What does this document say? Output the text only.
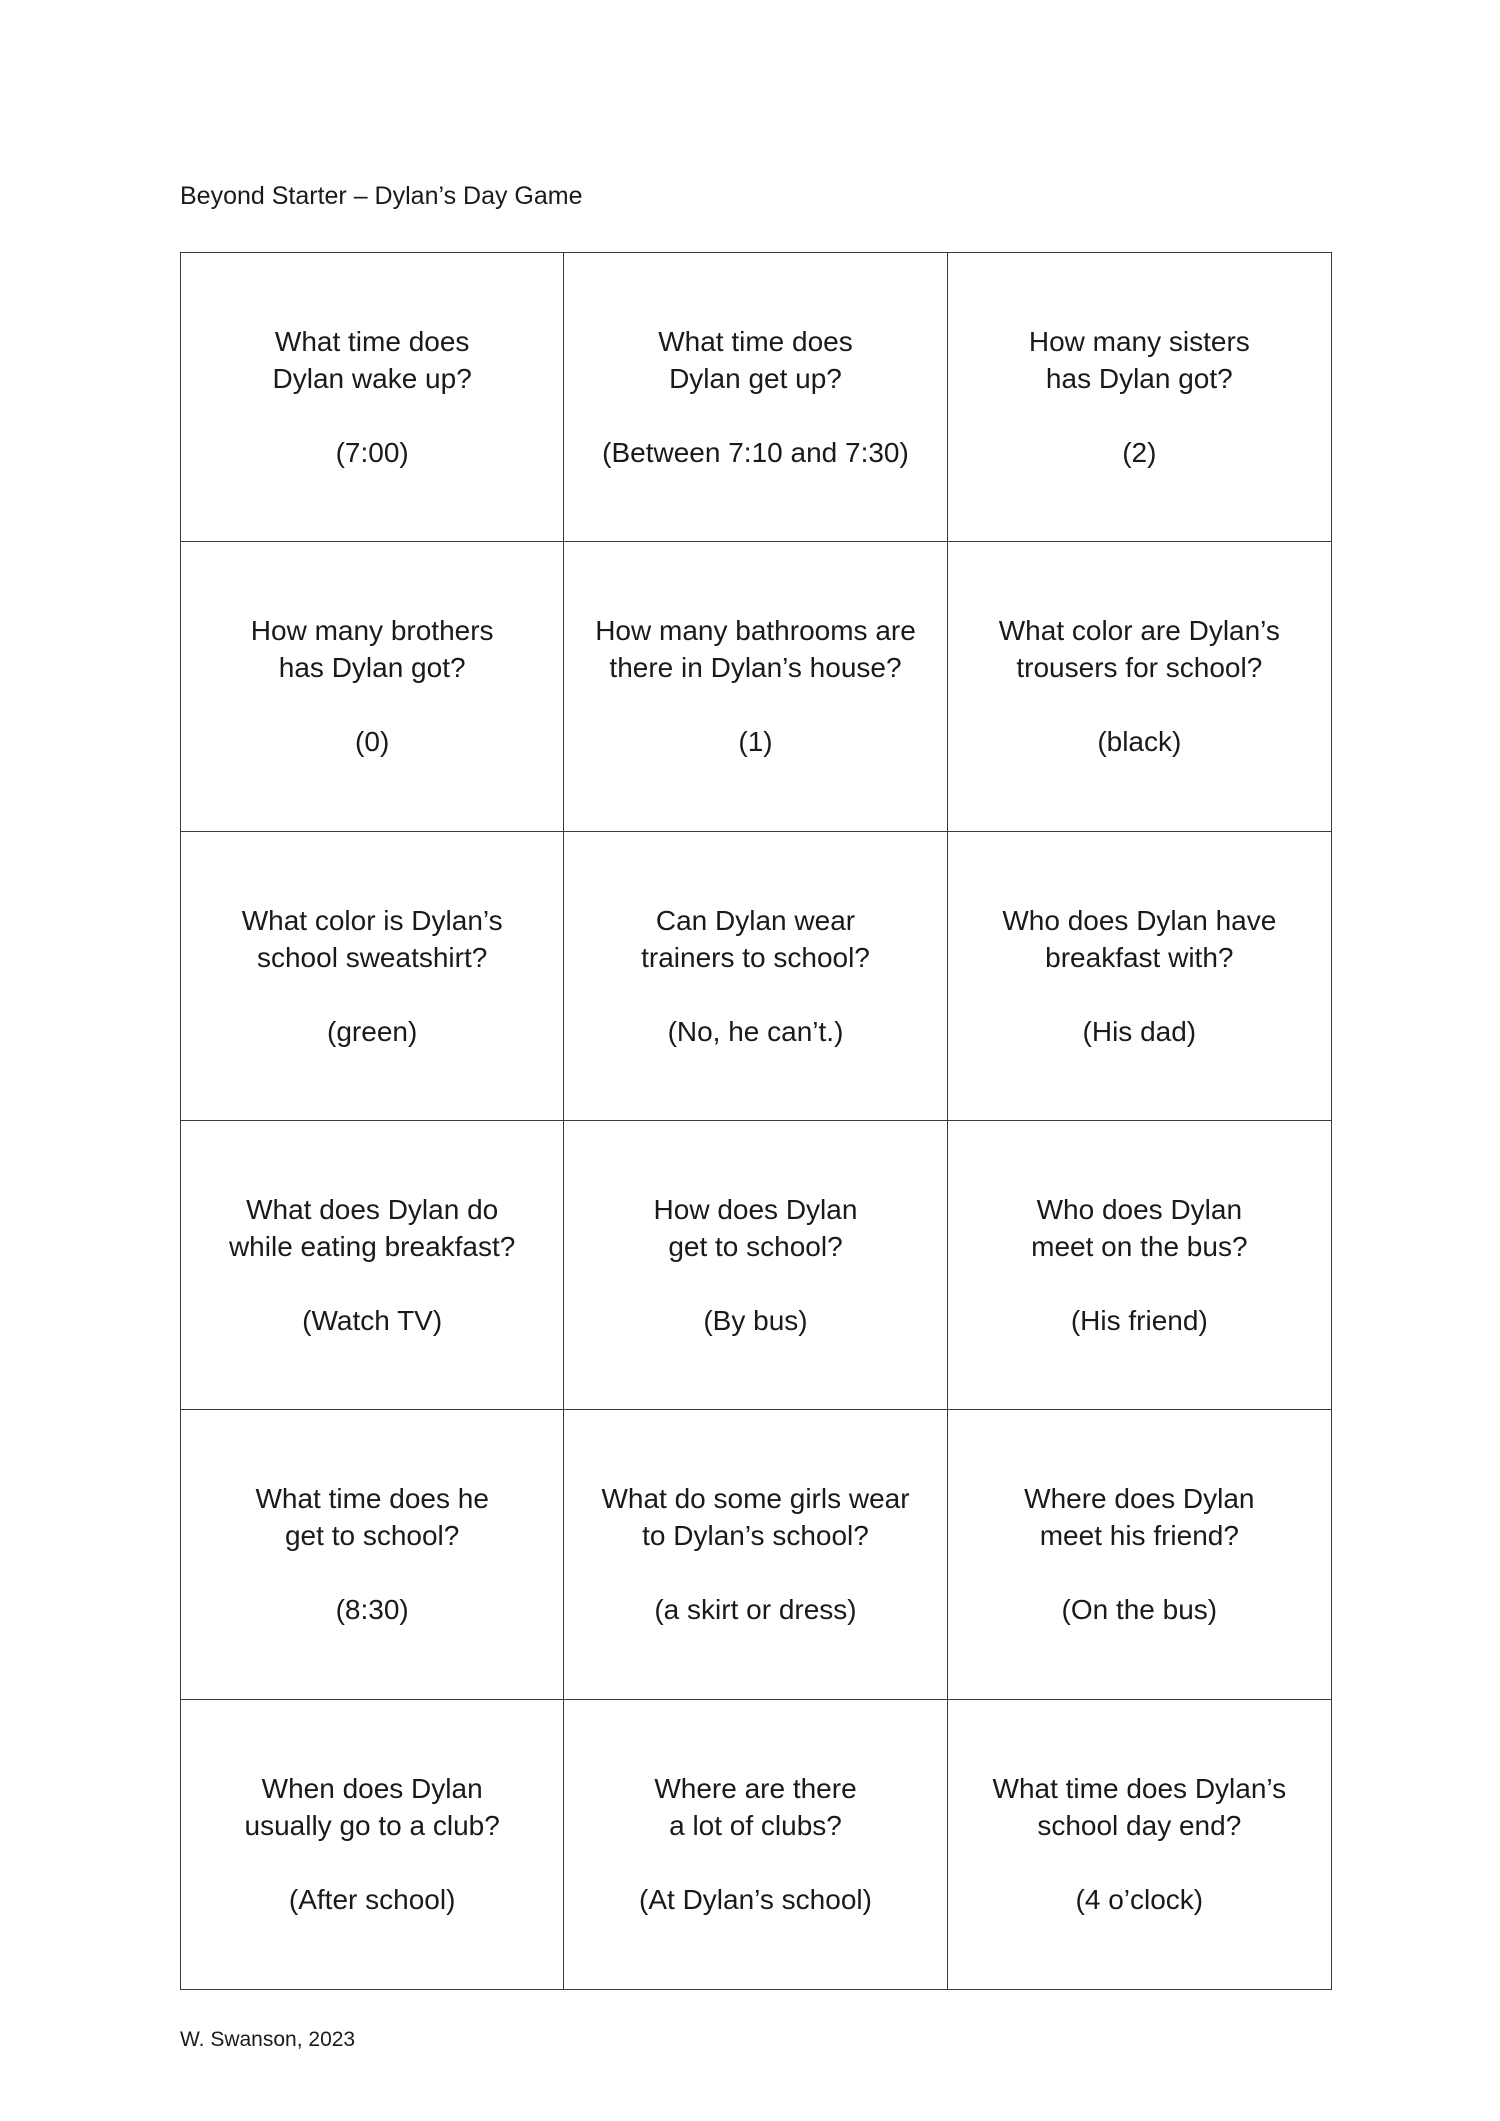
Beyond Starter – Dylan’s Day Game
What time does
Dylan wake up?
(7:00)
What time does
Dylan get up?
(Between 7:10 and 7:30)
How many sisters
has Dylan got?
(2)
How many brothers
has Dylan got?
(0)
How many bathrooms are
there in Dylan’s house?
(1)
What color are Dylan’s
trousers for school?
(black)
What color is Dylan’s
school sweatshirt?
(green)
Can Dylan wear
trainers to school?
(No, he can’t.)
Who does Dylan have
breakfast with?
(His dad)
What does Dylan do
while eating breakfast?
(Watch TV)
How does Dylan
get to school?
(By bus)
Who does Dylan
meet on the bus?
(His friend)
What time does he
get to school?
(8:30)
What do some girls wear
to Dylan’s school?
(a skirt or dress)
Where does Dylan
meet his friend?
(On the bus)
When does Dylan
usually go to a club?
(After school)
Where are there
a lot of clubs?
(At Dylan’s school)
What time does Dylan’s
school day end?
(4 o’clock)
W. Swanson, 2023
